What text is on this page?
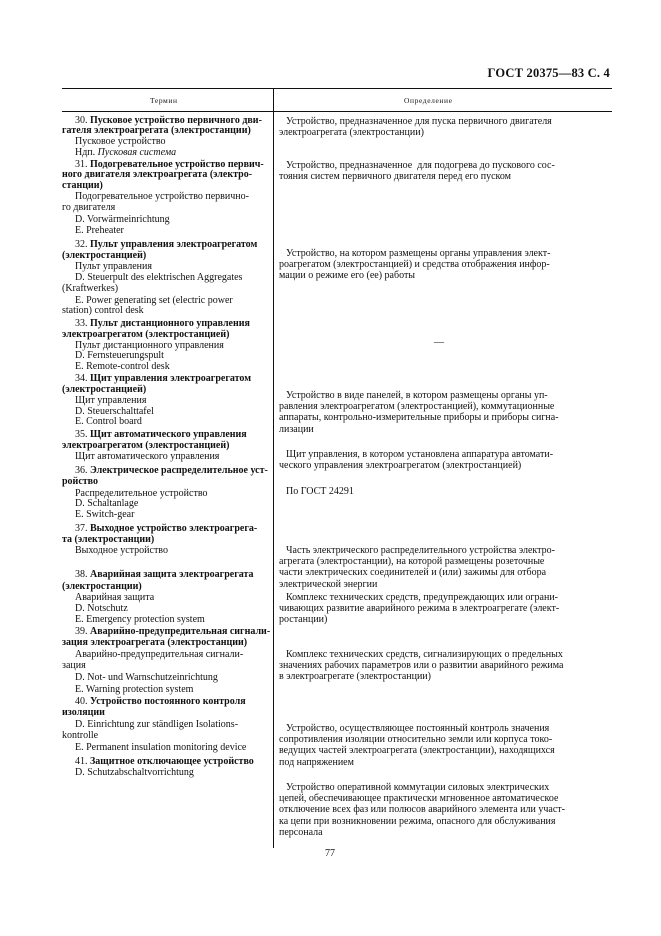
ГОСТ 20375—83 С. 4
Термин	Определение
30. Пусковое устройство первичного дви-
гателя электроагрегата (электростанции)
Пусковое устройство
Ндп. Пусковая система
31. Подогревательное устройство первич-
ного двигателя электроагрегата (электро-
станции)
Подогревательное устройство первично-
го двигателя
D. Vorwärmeinrichtung
E. Preheater
32. Пульт управления электроагрегатом
(электростанцией)
Пульт управления
D. Steuerpult des elektrischen Aggregates
(Kraftwerkes)
E. Power generating set (electric power
station) control desk
33. Пульт дистанционного управления
электроагрегатом (электростанцией)
Пульт дистанционного управления
D. Fernsteuerungspult
E. Remote-control desk
34. Щит управления электроагрегатом
(электростанцией)
Щит управления
D. Steuerschalttafel
E. Control board
35. Щит автоматического управления
электроагрегатом (электростанцией)
Щит автоматического управления
36. Электрическое распределительное уст-
ройство
Распределительное устройство
D. Schaltanlage
E. Switch-gear
37. Выходное устройство электроагрега-
та (электростанции)
Выходное устройство
38. Аварийная защита электроагрегата
(электростанции)
Аварийная защита
D. Notschutz
E. Emergency protection system
39. Аварийно-предупредительная сигнали-
зация электроагрегата (электростанции)
Аварийно-предупредительная сигнали-
зация
D. Not- und Warnschutzeinrichtung
E. Warning protection system
40. Устройство постоянного контроля
изоляции
D. Einrichtung zur ständligen Isolations-
kontrolle
E. Permanent insulation monitoring device
41. Защитное отключающее устройство
D. Schutzabschaltvorrichtung
Устройство, предназначенное для пуска первичного двигателя
электроагрегата (электростанции)
Устройство, предназначенное  для подогрева до пускового сос-
тояния систем первичного двигателя перед его пуском
Устройство, на котором размещены органы управления элект-
роагрегатом (электростанцией) и средства отображения инфор-
мации о режиме его (ее) работы
—
Устройство в виде панелей, в котором размещены органы уп-
равления электроагрегатом (электростанцией), коммутационные
аппараты, контрольно-измерительные приборы и приборы сигна-
лизации
Щит управления, в котором установлена аппаратура автомати-
ческого управления электроагрегатом (электростанцией)
По ГОСТ 24291
Часть электрического распределительного устройства электро-
агрегата (электростанции), на которой размещены розеточные
части электрических соединителей и (или) зажимы для отбора
электрической энергии
Комплекс технических средств, предупреждающих или ограни-
чивающих развитие аварийного режима в электроагрегате (элект-
ростанции)
Комплекс технических средств, сигнализирующих о предельных
значениях рабочих параметров или о развитии аварийного режима
в электроагрегате (электростанции)
Устройство, осуществляющее постоянный контроль значения
сопротивления изоляции относительно земли или корпуса токо-
ведущих частей электроагрегата (электростанции), находящихся
под напряжением
Устройство оперативной коммутации силовых электрических
цепей, обеспечивающее практически мгновенное автоматическое
отключение всех фаз или полюсов аварийного элемента или участ-
ка цепи при возникновении режима, опасного для обслуживания
персонала
77
